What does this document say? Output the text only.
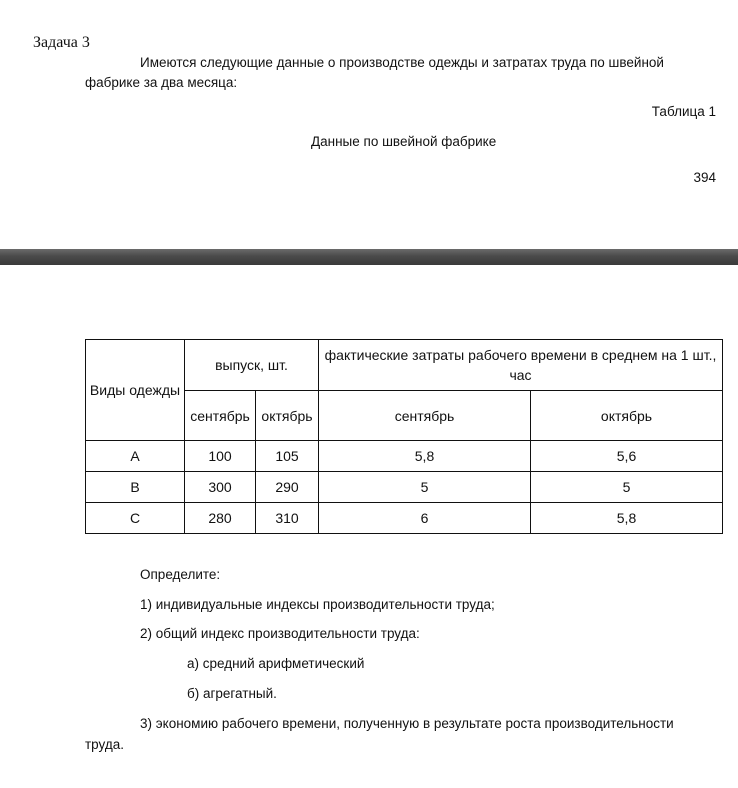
Задача 3
Имеются следующие данные о производстве одежды и затратах труда по швейной
фабрике за два месяца:
Таблица 1
Данные по швейной фабрике
394
Виды одежды	выпуск, шт.		фактические затраты рабочего времени в среднем на 1 шт., час	
	сентябрь	октябрь	сентябрь	октябрь
А	100	105	5,8	5,6
В	300	290	5	5
С	280	310	6	5,8
Определите:
1) индивидуальные индексы производительности труда;
2) общий индекс производительности труда:
а) средний арифметический
б) агрегатный.
3) экономию рабочего времени, полученную в результате роста производительности
труда.
